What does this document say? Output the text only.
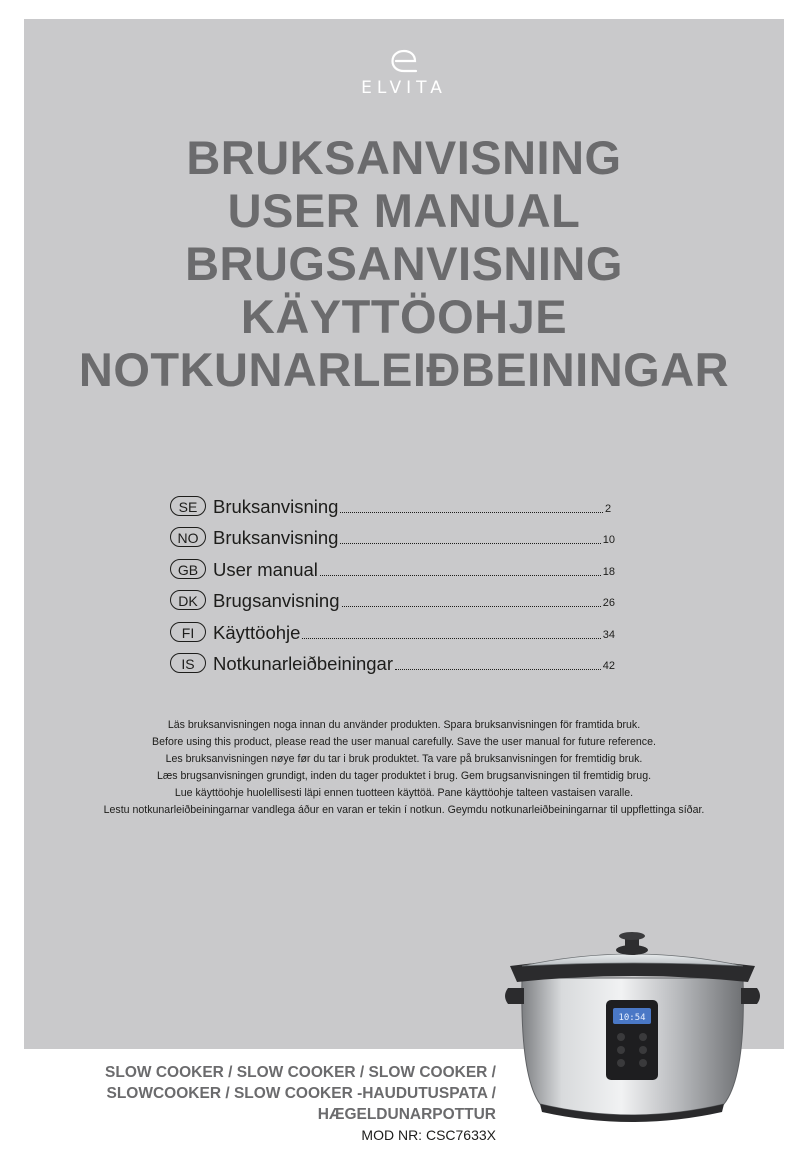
ELVITA
BRUKSANVISNING
USER MANUAL
BRUGSANVISNING
KÄYTTÖOHJE
NOTKUNARLEIÐBEININGAR
SE Bruksanvisning	2
NO Bruksanvisning	10
GB User manual	18
DK Brugsanvisning	26
FI	Käyttöohje	34
IS Notkunarleiðbeiningar	42
Läs bruksanvisningen noga innan du använder produkten. Spara bruksanvisningen för framtida bruk.
Before using this product, please read the user manual carefully. Save the user manual for future reference.
Les bruksanvisningen nøye før du tar i bruk produktet. Ta vare på bruksanvisningen for fremtidig bruk.
Læs brugsanvisningen grundigt, inden du tager produktet i brug. Gem brugsanvisningen til fremtidig brug.
Lue käyttöohje huolellisesti läpi ennen tuotteen käyttöä. Pane käyttöohje talteen vastaisen varalle.
Lestu notkunarleiðbeiningarnar vandlega áður en varan er tekin í notkun. Geymdu notkunarleiðbeiningarnar til uppflettinga síðar.
10:54
SLOW COOKER / SLOW COOKER / SLOW COOKER /
SLOWCOOKER / SLOW COOKER -HAUDUTUSPATA /
HÆGELDUNARPOTTUR
MOD NR: CSC7633X
